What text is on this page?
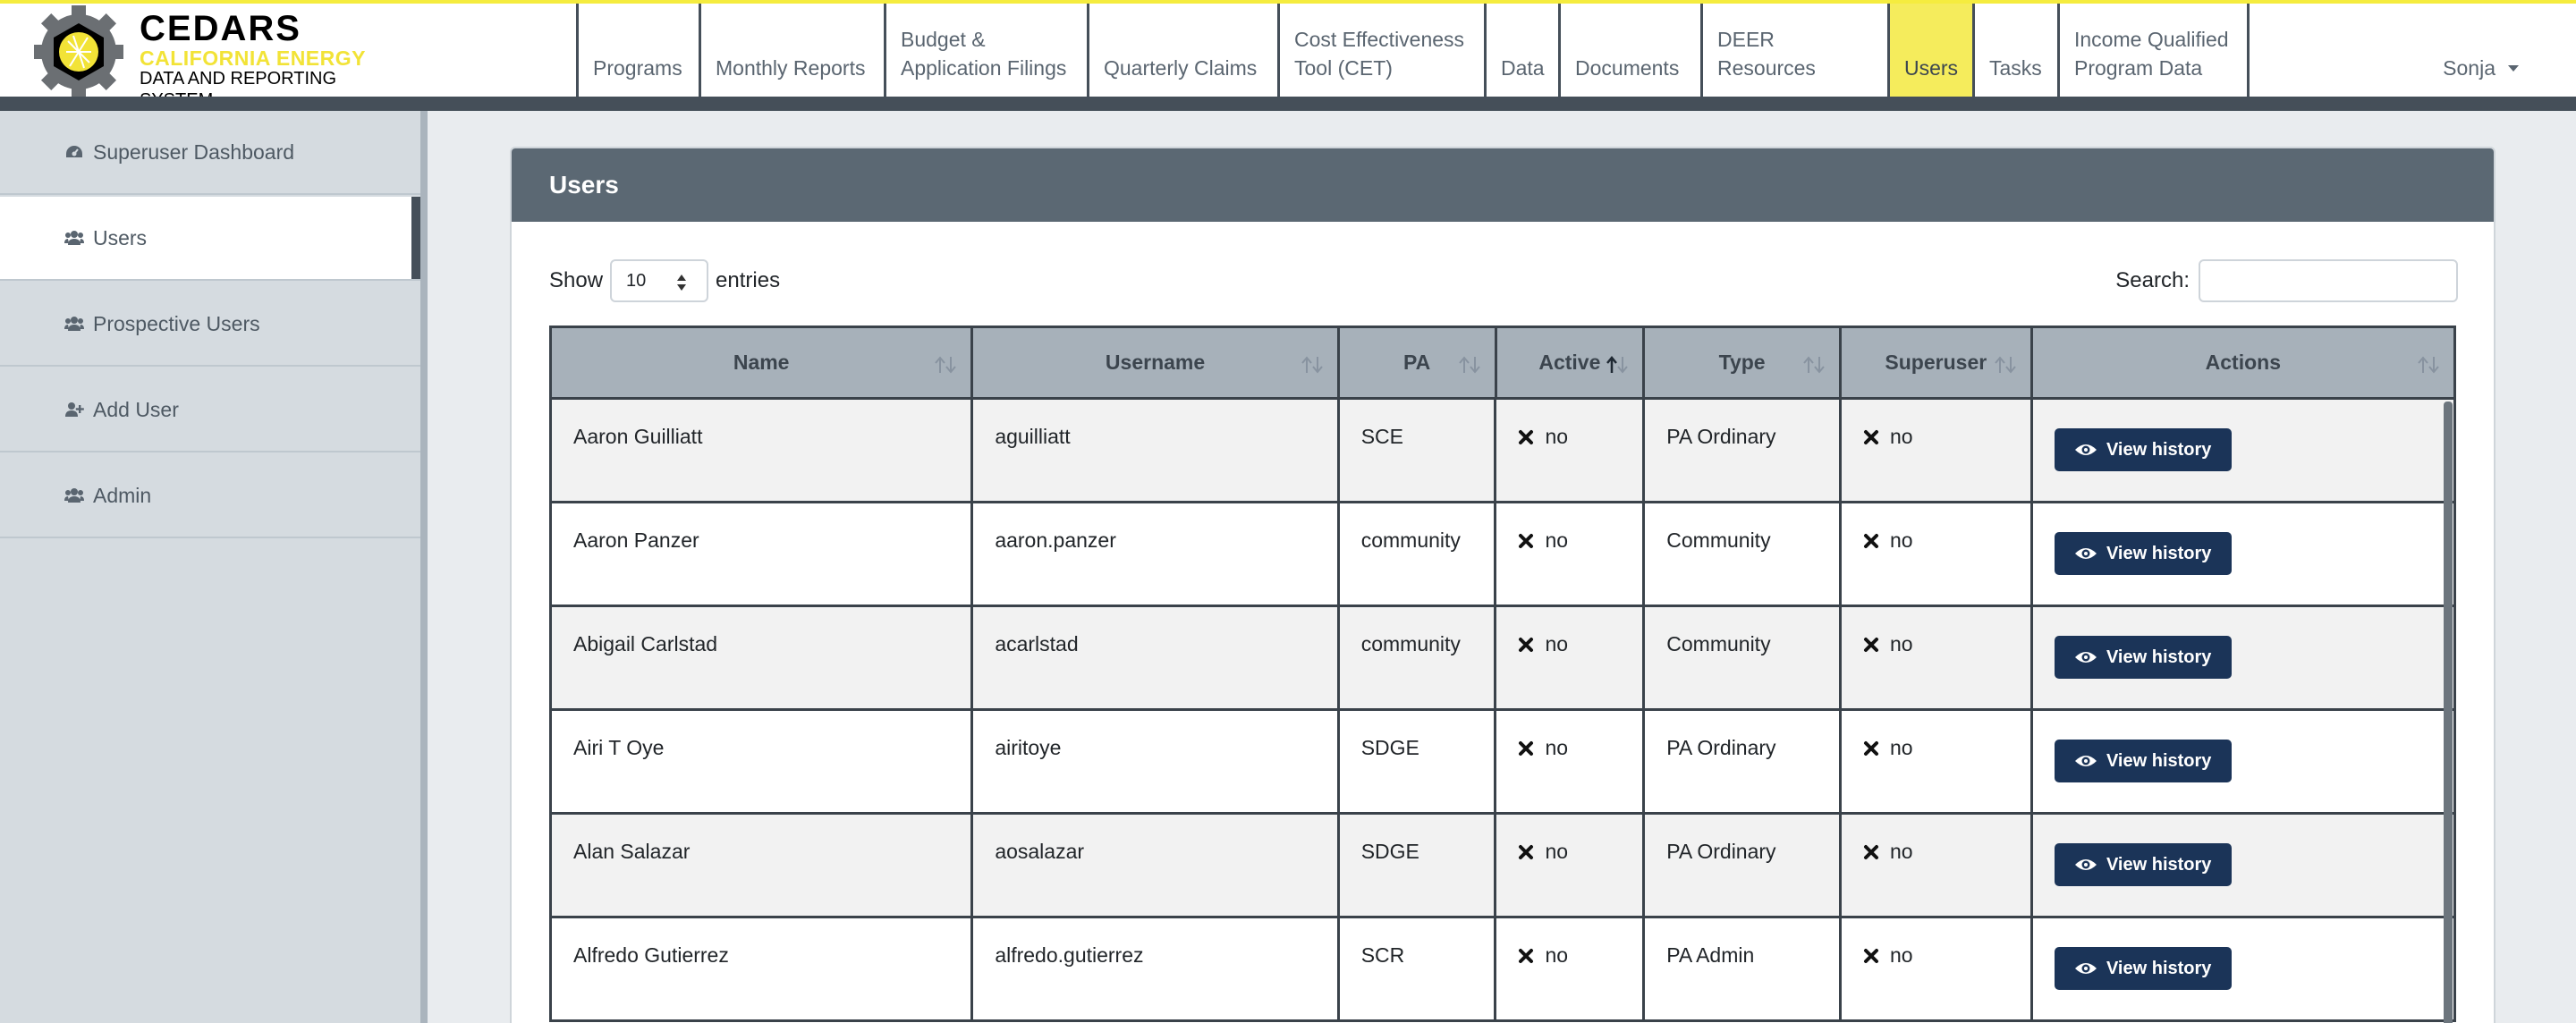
CEDARS
CALIFORNIA ENERGY
DATA AND REPORTING	Programs Monthly Reports
Budget &
Application Filings Quarterly Claims
Cost Effectiveness
Tool (CET)	Data Documents
DEER Resources	Users Tasks
Income Qualified
Program Data	Sonja
Superuser Dashboard
Users
Prospective Users
Add User
Admin
Users
Show 10	entries	Search:
Name	Username	PA	Active	Type	Superuser	Actions
Aaron Guilliatt	aguilliatt	SCE	no	PA Ordinary	no
View history
Aaron Panzer	aaron.panzer	community	no	Community	no
View history
Abigail Carlstad	acarlstad	community	no	Community	no
View history
Airi T Oye	airitoye	SDGE	no	PA Ordinary	no
View history
Alan Salazar	aosalazar	SDGE	no	PA Ordinary	no
View history
Alfredo Gutierrez	alfredo.gutierrez	SCR	no	PA Admin	no
View history
